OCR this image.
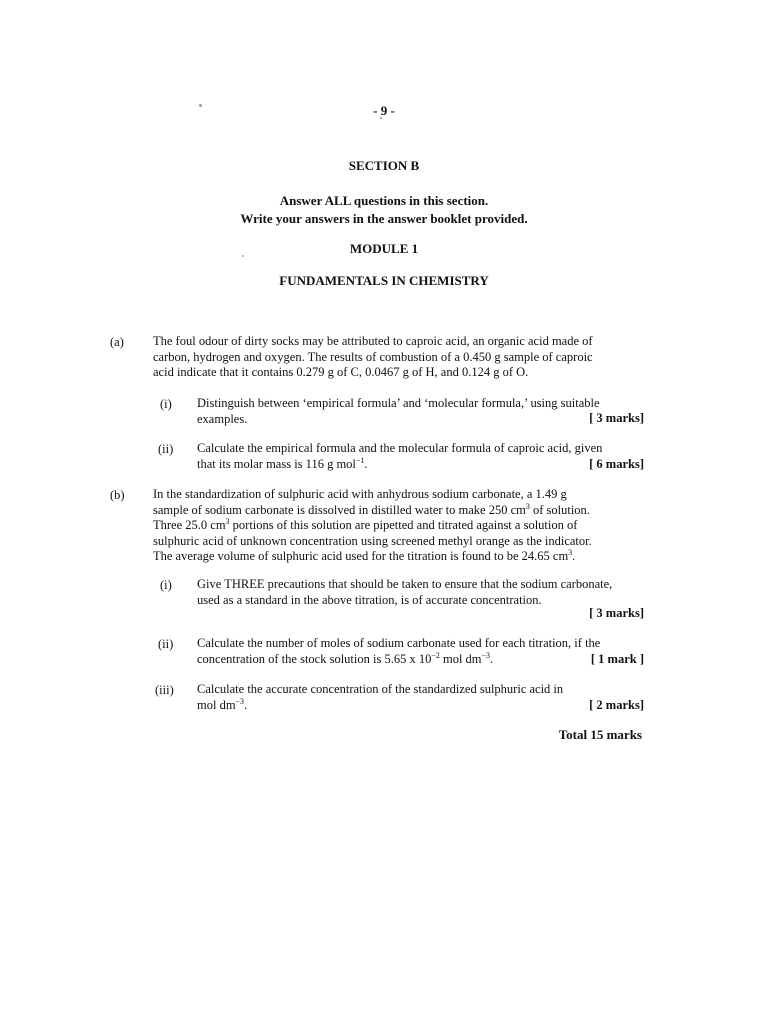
- 9 -
SECTION B
Answer ALL questions in this section.
Write your answers in the answer booklet provided.
MODULE 1
FUNDAMENTALS IN CHEMISTRY
(a) The foul odour of dirty socks may be attributed to caproic acid, an organic acid made of
carbon, hydrogen and oxygen. The results of combustion of a 0.450 g sample of caproic
acid indicate that it contains 0.279 g of C, 0.0467 g of H, and 0.124 g of O.
(i) Distinguish between ‘empirical formula’ and ‘molecular formula,’ using suitable
examples.	[ 3 marks]
(ii) Calculate the empirical formula and the molecular formula of caproic acid, given
that its molar mass is 116 g mol$^{-1}$.	[ 6 marks]
(b) In the standardization of sulphuric acid with anhydrous sodium carbonate, a 1.49 g
sample of sodium carbonate is dissolved in distilled water to make 250 $cm^3$ of solution.
Three 25.0 $cm^3$ portions of this solution are pipetted and titrated against a solution of
sulphuric acid of unknown concentration using screened methyl orange as the indicator.
The average volume of sulphuric acid used for the titration is found to be 24.65 $cm^3$.
(i) Give THREE precautions that should be taken to ensure that the sodium carbonate,
used as a standard in the above titration, is of accurate concentration.
[ 3 marks]
(ii) Calculate the number of moles of sodium carbonate used for each titration, if the
concentration of the stock solution is 5.65 x $10^{-2}$ mol $dm^{-3}$.	[ 1 mark ]
(iii) Calculate the accurate concentration of the standardized sulphuric acid in
mol $dm^{-3}$.	[ 2 marks]
Total 15 marks
